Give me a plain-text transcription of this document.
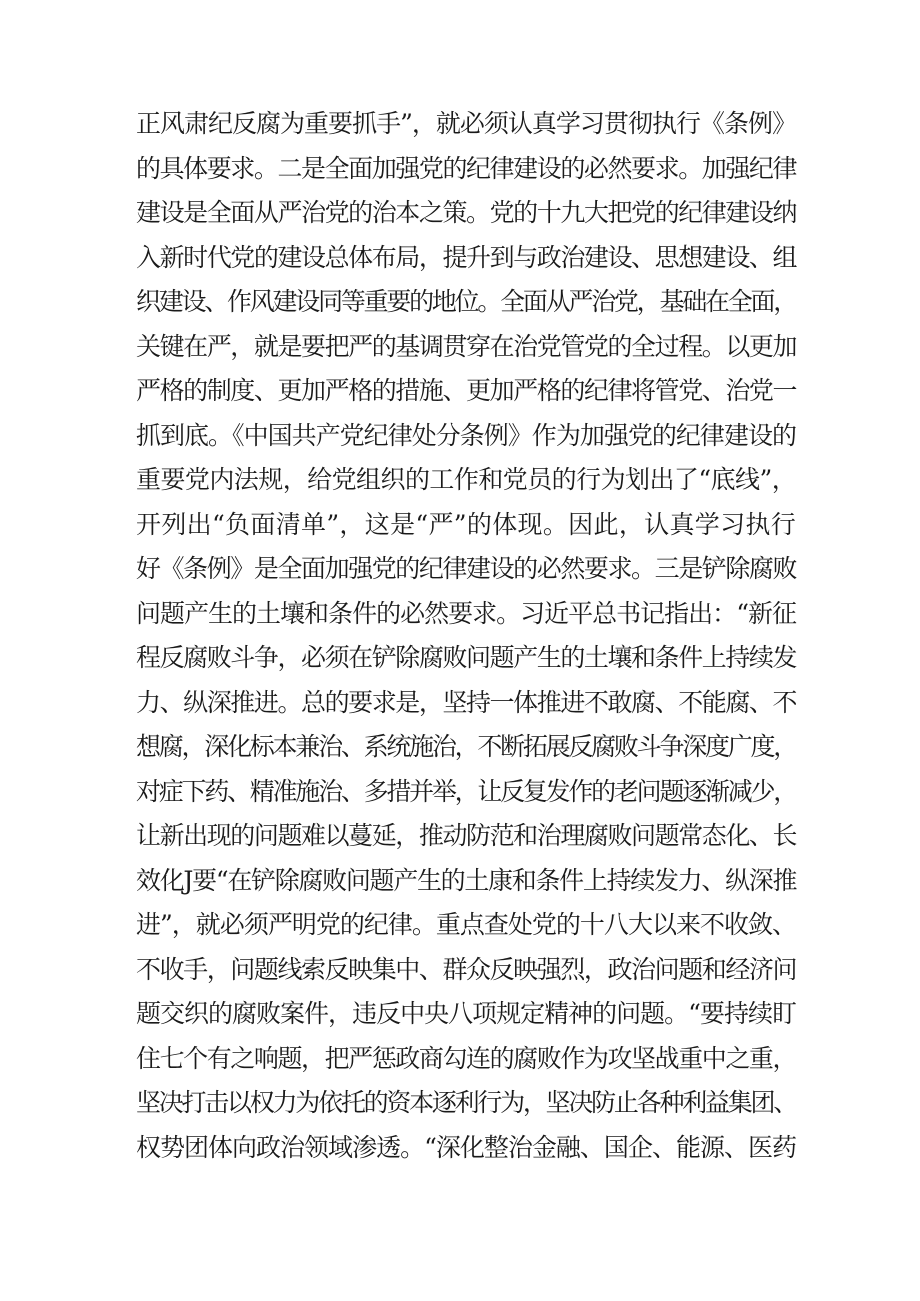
正风肃纪反腐为重要抓手”，就必须认真学习贯彻执行《条例》
的具体要求。二是全面加强党的纪律建设的必然要求。加强纪律
建设是全面从严治党的治本之策。党的十九大把党的纪律建设纳
入新时代党的建设总体布局，提升到与政治建设、思想建设、组
织建设、作风建设同等重要的地位。全面从严治党，基础在全面，
关键在严，就是要把严的基调贯穿在治党管党的全过程。以更加
严格的制度、更加严格的措施、更加严格的纪律将管党、治党一
抓到底。《中国共产党纪律处分条例》作为加强党的纪律建设的
重要党内法规，给党组织的工作和党员的行为划出了“底线”，
开列出“负面清单”，这是“严”的体现。因此，认真学习执行
好《条例》是全面加强党的纪律建设的必然要求。三是铲除腐败
问题产生的土壤和条件的必然要求。习近平总书记指出：“新征
程反腐败斗争，必须在铲除腐败问题产生的土壤和条件上持续发
力、纵深推进。总的要求是，坚持一体推进不敢腐、不能腐、不
想腐，深化标本兼治、系统施治，不断拓展反腐败斗争深度广度，
对症下药、精准施治、多措并举，让反复发作的老问题逐渐减少，
让新出现的问题难以蔓延，推动防范和治理腐败问题常态化、长
效化J要“在铲除腐败问题产生的土康和条件上持续发力、纵深推
进”，就必须严明党的纪律。重点查处党的十八大以来不收敛、
不收手，问题线索反映集中、群众反映强烈，政治问题和经济问
题交织的腐败案件，违反中央八项规定精神的问题。“要持续盯
住七个有之响题，把严惩政商勾连的腐败作为攻坚战重中之重，
坚决打击以权力为依托的资本逐利行为，坚决防止各种利益集团、
权势团体向政治领域渗透。“深化整治金融、国企、能源、医药
